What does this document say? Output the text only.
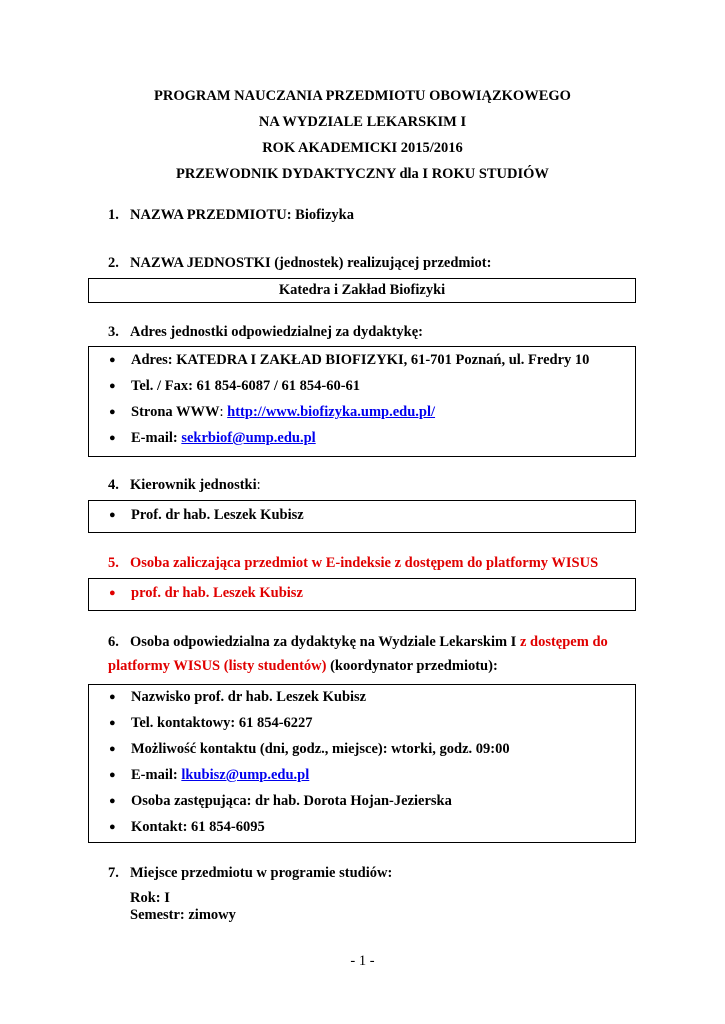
PROGRAM NAUCZANIA PRZEDMIOTU OBOWIĄZKOWEGO
NA WYDZIALE LEKARSKIM I
ROK AKADEMICKI 2015/2016
PRZEWODNIK DYDAKTYCZNY dla I ROKU STUDIÓW
1. NAZWA PRZEDMIOTU: Biofizyka
2. NAZWA JEDNOSTKI (jednostek) realizującej przedmiot:
Katedra i Zakład Biofizyki
3. Adres jednostki odpowiedzialnej za dydaktykę:
● Adres: KATEDRA I ZAKŁAD BIOFIZYKI, 61-701 Poznań, ul. Fredry 10
● Tel. / Fax: 61 854-6087 / 61 854-60-61
● Strona WWW: http://www.biofizyka.ump.edu.pl/
● E-mail: sekrbiof@ump.edu.pl
4. Kierownik jednostki:
● Prof. dr hab. Leszek Kubisz
5. Osoba zaliczająca przedmiot w E-indeksie z dostępem do platformy WISUS
● prof. dr hab. Leszek Kubisz
6. Osoba odpowiedzialna za dydaktykę na Wydziale Lekarskim I z dostępem do
platformy WISUS (listy studentów) (koordynator przedmiotu):
● Nazwisko prof. dr hab. Leszek Kubisz
● Tel. kontaktowy: 61 854-6227
● Możliwość kontaktu (dni, godz., miejsce): wtorki, godz. 09:00
● E-mail: lkubisz@ump.edu.pl
● Osoba zastępująca: dr hab. Dorota Hojan-Jezierska
● Kontakt: 61 854-6095
7. Miejsce przedmiotu w programie studiów:
Rok: I
Semestr: zimowy
- 1 -
